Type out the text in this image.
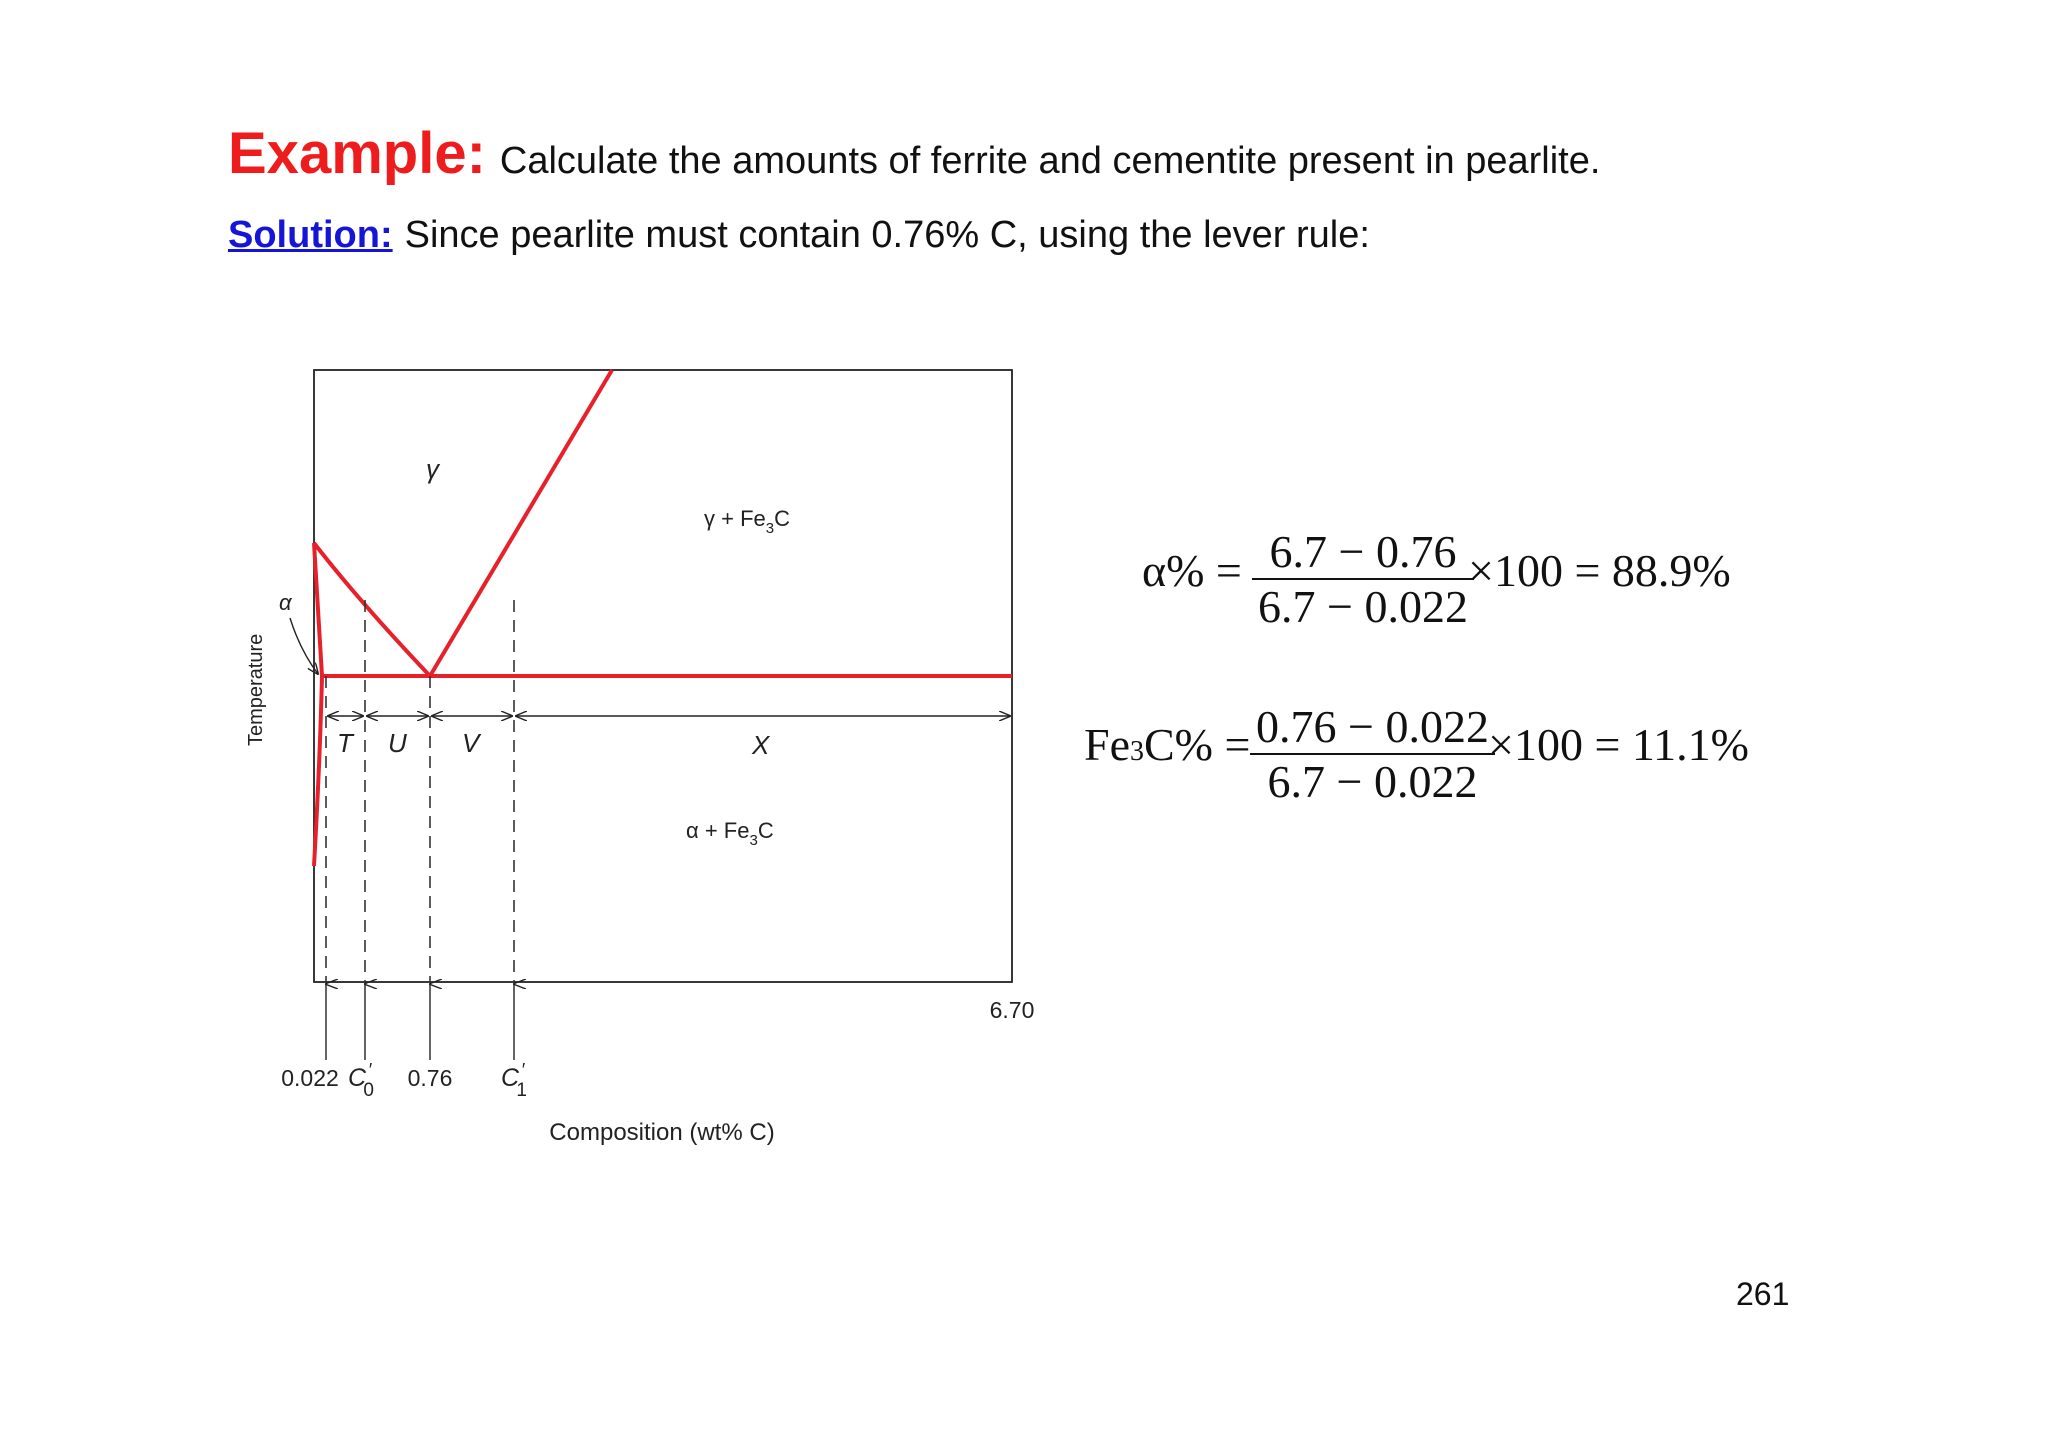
Example: Calculate the amounts of ferrite and cementite present in pearlite.
Solution: Since pearlite must contain 0.76% C, using the lever rule:
T U V	X
α
γ
$\gamma + Fe_3C$
$\alpha + Fe_3C$
Temperature
0.022 C ′ 0 0.76 C ′ 1
6.70
Composition (wt% C)
α% = 6.7 − 0.76
6.7 − 0.022
×100 = 88.9%
Fe3C% = 0.76 − 0.022
6.7 − 0.022
×100 = 11.1%
261
